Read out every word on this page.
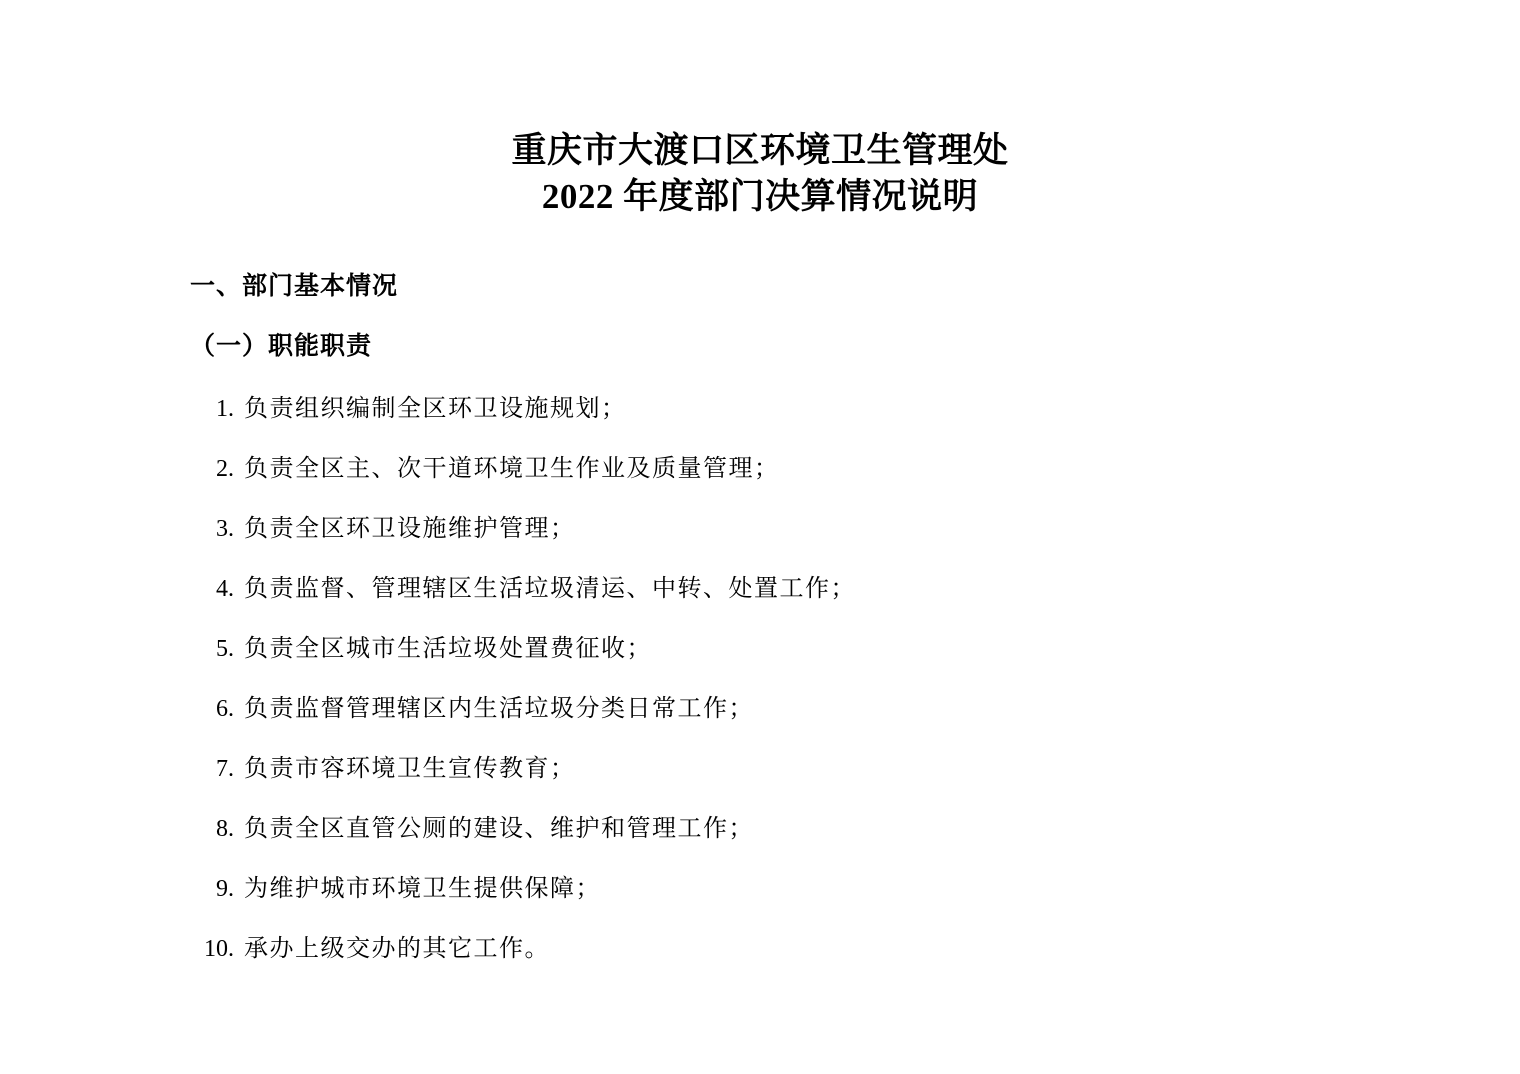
重庆市大渡口区环境卫生管理处
2022 年度部门决算情况说明
一、部门基本情况
（一）职能职责
1. 负责组织编制全区环卫设施规划；
2. 负责全区主、次干道环境卫生作业及质量管理；
3. 负责全区环卫设施维护管理；
4. 负责监督、管理辖区生活垃圾清运、中转、处置工作；
5. 负责全区城市生活垃圾处置费征收；
6. 负责监督管理辖区内生活垃圾分类日常工作；
7. 负责市容环境卫生宣传教育；
8. 负责全区直管公厕的建设、维护和管理工作；
9. 为维护城市环境卫生提供保障；
10. 承办上级交办的其它工作。
